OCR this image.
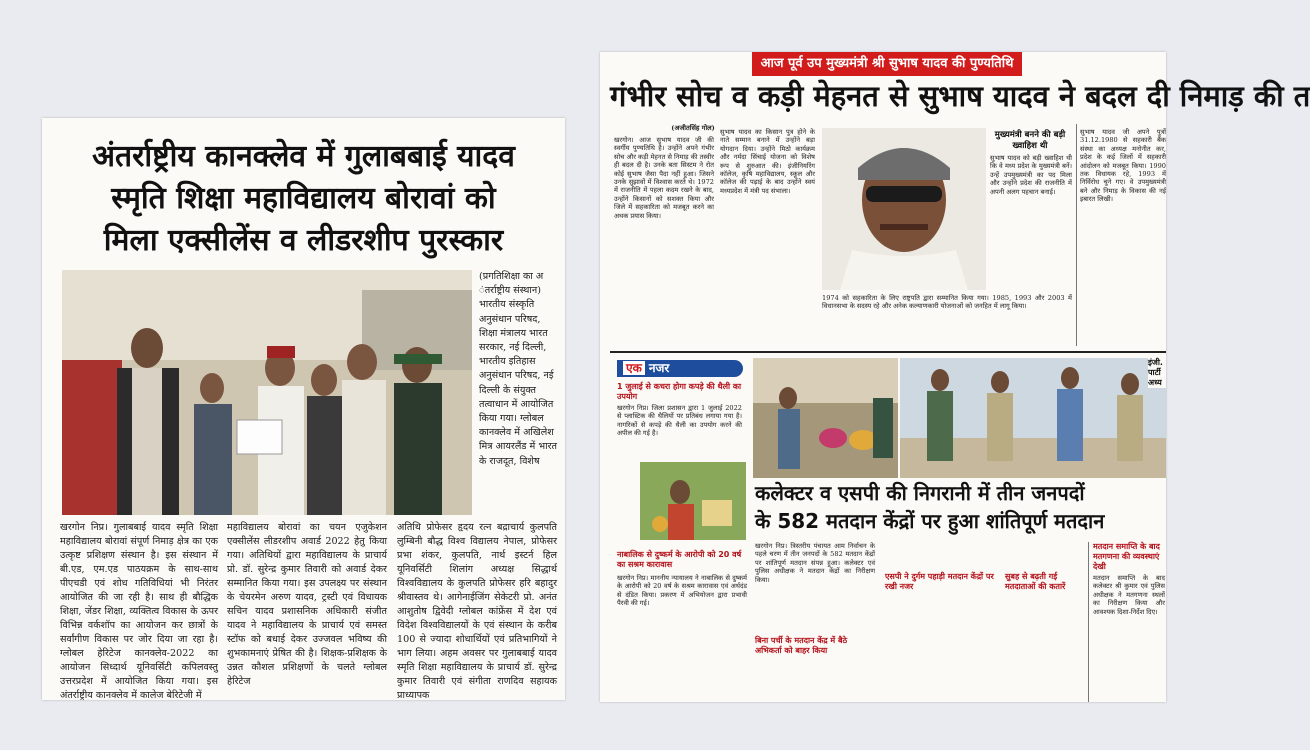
अंतर्राष्ट्रीय कानक्लेव में गुलाबबाई यादव
स्मृति शिक्षा महाविद्यालय बोरावां को
मिला एक्सीलेंस व लीडरशीप पुरस्कार
(प्रगतिशिक्षा का अ ंतर्राष्ट्रीय संस्थान) भारतीय संस्कृति अनुसंधान परिषद, शिक्षा मंत्रालय भारत सरकार, नई दिल्ली, भारतीय इतिहास अनुसंधान परिषद, नई दिल्ली के संयुक्त तत्वाधान में आयोजित किया गया। ग्लोबल कानक्लेव में अखिलेश मित्र आयरलैंड में भारत के राजदूत, विशेष
खरगोन निप्र। गुलाबबाई यादव स्मृति शिक्षा महाविद्यालय बोरावां संपूर्ण निमाड़ क्षेत्र का एक उत्कृष्ट प्रशिक्षण संस्थान है। इस संस्थान में बी.एड, एम.एड पाठयक्रम के साथ-साथ पीएचडी एवं शोध गतिविधियां भी निरंतर आयोजित की जा रही है। साथ ही बौद्धिक शिक्षा, जेंडर शिक्षा, व्यक्तित्व विकास के ऊपर विभिन्न वर्कशॉप का आयोजन कर छात्रों के सर्वांगीण विकास पर जोर दिया जा रहा है। ग्लोबल हेरिटेज कानक्लेव-2022 का आयोजन सिध्दार्थ यूनिवर्सिटी कपिलवस्तु उत्तरप्रदेश में आयोजित किया गया। इस अंतर्राष्ट्रीय कानक्लेव में कालेज बेरिटेजी में
महाविद्यालय बोरावां का चयन एजुकेशन एक्सीलेंस लीडरशीप अवार्ड 2022 हेतु किया गया। अतिथियों द्वारा महाविद्यालय के प्राचार्य प्रो. डॉ. सुरेन्द्र कुमार तिवारी को अवार्ड देकर सम्मानित किया गया। इस उपलक्ष्य पर संस्थान के चेयरमेन अरुण यादव, ट्रस्टी एवं विधायक सचिन यादव प्रशासनिक अधिकारी संजीत यादव ने महाविद्यालय के प्राचार्य एवं समस्त स्टॉफ को बधाई देकर उज्जवल भविष्य की शुभकामनाएं प्रेषित की है। शिक्षक-प्रशिक्षक के उन्नत कौशल प्रशिक्षणों के चलते ग्लोबल हेरिटेज
अतिथि प्रोफेसर हृदय रत्न बद्राचार्य कुलपति लुम्बिनी बौद्ध विश्व विद्यालय नेपाल, प्रोफेसर प्रभा शंकर, कुलपति, नार्थ इस्टर्न हिल यूनिवर्सिटी शिलांग अध्यक्ष सिद्धार्थ विश्वविद्यालय के कुलपति प्रोफेसर हरि बहादुर श्रीवास्तव थे। आगेनाईजिंग सेकेटरी प्रो. अनंत आशुतोष द्विवेदी ग्लोबल कांफ्रेंस में देश एवं विदेश विश्वविद्यालयों के एवं संस्थान के करीब 100 से ज्यादा शोधार्थियों एवं प्रतिभागियों ने भाग लिया। अहम अवसर पर गुलाबबाई यादव स्मृति शिक्षा महाविद्यालय के प्राचार्य डॉ. सुरेन्द्र कुमार तिवारी एवं संगीता राणदिव सहायक प्राध्यापक
आज पूर्व उप मुख्यमंत्री श्री सुभाष यादव की पुण्यतिथि
गंभीर सोच व कड़ी मेहनत से सुभाष यादव ने बदल दी निमाड़ की त
(अजीतसिंह गोल)
खरगोन। आज सुभाष यादव जी की स्वर्गीय पुण्यतिथि है। उन्होंने अपने गंभीर सोच और कड़ी मेहनत से निमाड़ की तस्वीर ही बदल दी है। उनके बता सिस्टम ने रोत कोई सुभाष जैसा पैदा नहीं हुआ। जिसने उनके सुझावों में विश्वास करते थे। 1972 में राजनीति में पहला कदम रखने के बाद, उन्होंने किसानों को सशक्त किया और जिले में सहकारिता को मजबूत करने का अथक प्रयास किया।
सुभाष यादव का किसान पुत्र होने के नाते सम्मान बनाने में उन्होंने बड़ा योगदान दिया। उन्होंने मिठो कार्यक्रम और नर्मदा सिंचाई योजना को विशेष रूप से शुरुआत की। इंजीनियरिंग कॉलेज, कृषि महाविद्यालय, स्कूल और कॉलेज की पढ़ाई के बाद उन्होंने स्वयं मध्यप्रदेश में मंत्री पद संभाला।
मुख्यमंत्री बनने की बड़ी ख्वाहिश थी
सुभाष यादव को बड़ी ख्वाहिश थी कि वे मध्य प्रदेश के मुख्यमंत्री बनें। उन्हें उपमुख्यमंत्री का पद मिला और उन्होंने प्रदेश की राजनीति में अपनी अलग पहचान बनाई।
सुभाष यादव जी अपने पुत्रों 31.12.1980 से सहकारी बैंक संस्था का अध्यक्ष मनोनीत कर, प्रदेश के कई जिलों में सहकारी आंदोलन को मजबूत किया। 1990 तक विधायक रहे, 1993 में निर्विरोध चुने गए। वे उपमुख्यमंत्री बने और निमाड़ के विकास की नई इबारत लिखी।
1974 को सहकारिता के लिए राष्ट्रपति द्वारा सम्मानित किया गया। 1985, 1993 और 2003 में विधानसभा के सदस्य रहे और अनेक कल्याणकारी योजनाओं को जनहित में लागू किया।
एक नजर
1 जुलाई से कचरा होगा कपड़े की थैली का उपयोग
खरगोन निप्र। जिला प्रशासन द्वारा 1 जुलाई 2022 से प्लास्टिक की थैलियों पर प्रतिबंध लगाया गया है। नागरिकों से कपड़े की थैली का उपयोग करने की अपील की गई है।
नाबालिक से दुष्कर्म के आरोपी को 20 वर्ष का सश्रम कारावास
खरगोन निप्र। माननीय न्यायालय ने नाबालिक से दुष्कर्म के आरोपी को 20 वर्ष के सश्रम कारावास एवं अर्थदंड से दंडित किया। प्रकरण में अभियोजन द्वारा प्रभावी पैरवी की गई।
कलेक्टर व एसपी की निगरानी में तीन जनपदों
के 582 मतदान केंद्रों पर हुआ शांतिपूर्ण मतदान
खरगोन निप्र। त्रिस्तरीय पंचायत आम निर्वाचन के पहले चरण में तीन जनपदों के 582 मतदान केंद्रों पर शांतिपूर्ण मतदान संपन्न हुआ। कलेक्टर एवं पुलिस अधीक्षक ने मतदान केंद्रों का निरीक्षण किया।
बिना पर्ची के मतदान केंद्र में बैठे अभिकर्ता को बाहर किया
एसपी ने दुर्गम पहाड़ी मतदान केंद्रों पर रखी नजर
सुबह से बढ़ती गई मतदाताओं की कतारें
मतदान समाप्ति के बाद मतगणना की व्यवस्थाएं देखी
मतदान समाप्ति के बाद कलेक्टर श्री कुमार एवं पुलिस अधीक्षक ने मतगणना स्थलों का निरीक्षण किया और आवश्यक दिशा-निर्देश दिए।
इंजी. पार्टी अध्य
